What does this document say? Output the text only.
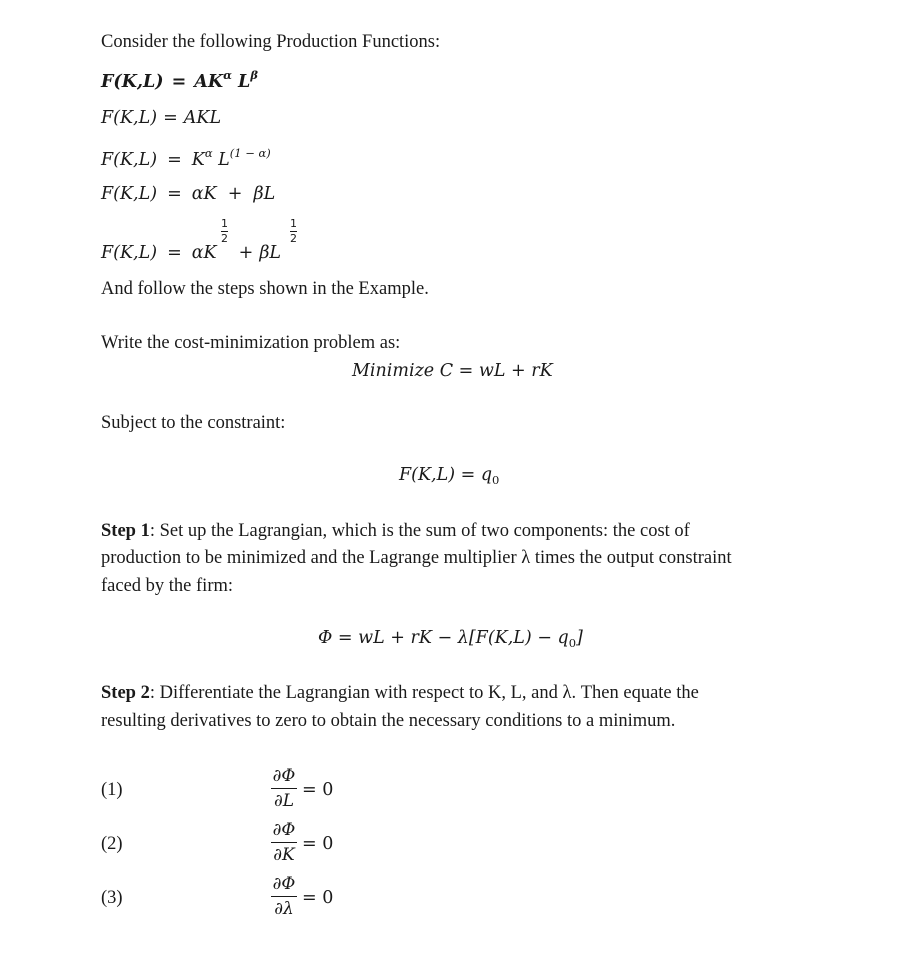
Consider the following Production Functions:
$F(K,L) = AK^\alpha$ $L^\beta$
F(K,L) = AKL
$F(K,L) = K^\alpha$ $L^{(1 - \alpha)}$
F(K,L) = αK  +  βL
F(K,L) = αK + βL
1
2
1
2
And follow the steps shown in the Example.
Write the cost-minimization problem as:
Minimize C = wL + rK
Subject to the constraint:
$F(K,L) = q_0$
Step 1: Set up the Lagrangian, which is the sum of two components: the cost of
production to be minimized and the Lagrange multiplier λ times the output constraint
faced by the firm:
Φ = wL + rK − $\lambda[F(K,L) - q_0]$
Step 2: Differentiate the Lagrangian with respect to K, L, and λ. Then equate the
resulting derivatives to zero to obtain the necessary conditions to a minimum.
(1)
∂Φ
∂L
= 0
(2)
∂Φ
∂K
= 0
(3)
∂Φ
∂λ
= 0
